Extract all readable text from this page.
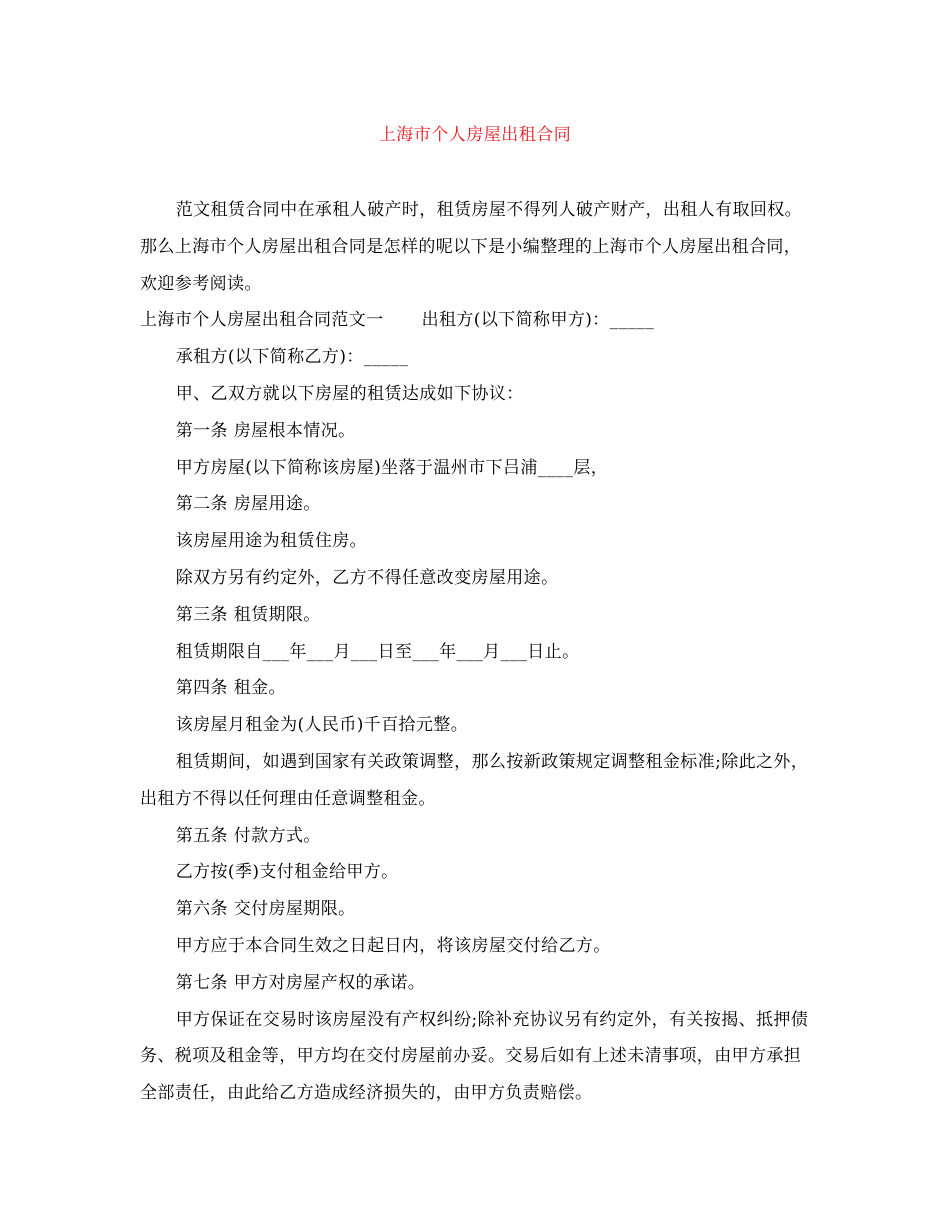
上海市个人房屋出租合同

范文租赁合同中在承租人破产时，租赁房屋不得列人破产财产，出租人有取回权。那么上海市个人房屋出租合同是怎样的呢以下是小编整理的上海市个人房屋出租合同，欢迎参考阅读。

上海市个人房屋出租合同范文一 出租方(以下简称甲方)：_____

承租方(以下简称乙方)：_____

甲、乙双方就以下房屋的租赁达成如下协议：

第一条 房屋根本情况。

甲方房屋(以下简称该房屋)坐落于温州市下吕浦____层，

第二条 房屋用途。

该房屋用途为租赁住房。

除双方另有约定外，乙方不得任意改变房屋用途。

第三条 租赁期限。

租赁期限自___年___月___日至___年___月___日止。

第四条 租金。

该房屋月租金为(人民币)千百拾元整。

租赁期间，如遇到国家有关政策调整，那么按新政策规定调整租金标准;除此之外，出租方不得以任何理由任意调整租金。

第五条 付款方式。

乙方按(季)支付租金给甲方。

第六条 交付房屋期限。

甲方应于本合同生效之日起日内，将该房屋交付给乙方。

第七条 甲方对房屋产权的承诺。

甲方保证在交易时该房屋没有产权纠纷;除补充协议另有约定外，有关按揭、抵押债务、税项及租金等，甲方均在交付房屋前办妥。交易后如有上述未清事项，由甲方承担全部责任，由此给乙方造成经济损失的，由甲方负责赔偿。
